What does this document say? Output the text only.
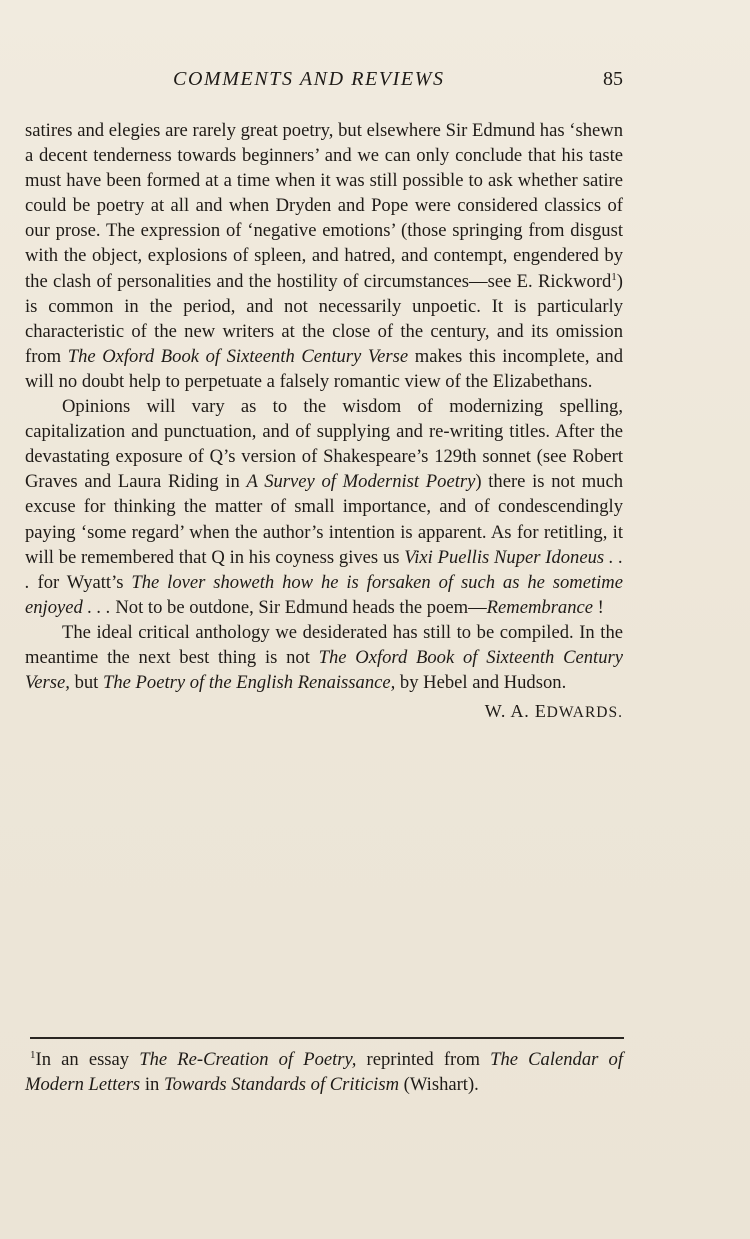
COMMENTS AND REVIEWS	85

satires and elegies are rarely great poetry, but elsewhere Sir Edmund has ‘shewn a decent tenderness towards beginners’ and we can only conclude that his taste must have been formed at a time when it was still possible to ask whether satire could be poetry at all and when Dryden and Pope were considered classics of our prose. The expression of ‘negative emotions’ (those springing from disgust with the object, explosions of spleen, and hatred, and contempt, engendered by the clash of personalities and the hostility of circumstances—see E. Rickword$^1$) is common in the period, and not necessarily unpoetic. It is particularly characteristic of the new writers at the close of the century, and its omission from The Oxford Book of Sixteenth Century Verse makes this incomplete, and will no doubt help to perpetuate a falsely romantic view of the Elizabethans.

Opinions will vary as to the wisdom of modernizing spelling, capitalization and punctuation, and of supplying and re-writing titles. After the devastating exposure of Q’s version of Shakespeare’s 129th sonnet (see Robert Graves and Laura Riding in A Survey of Modernist Poetry) there is not much excuse for thinking the matter of small importance, and of condescendingly paying ‘some regard’ when the author’s intention is apparent. As for retitling, it will be remembered that Q in his coyness gives us Vixi Puellis Nuper Idoneus . . . for Wyatt’s The lover showeth how he is forsaken of such as he sometime enjoyed . . . Not to be outdone, Sir Edmund heads the poem—Remembrance !

The ideal critical anthology we desiderated has still to be compiled. In the meantime the next best thing is not The Oxford Book of Sixteenth Century Verse, but The Poetry of the English Renaissance, by Hebel and Hudson.

W. A. EDWARDS.

$^1$In an essay The Re-Creation of Poetry, reprinted from The Calendar of Modern Letters in Towards Standards of Criticism (Wishart).
